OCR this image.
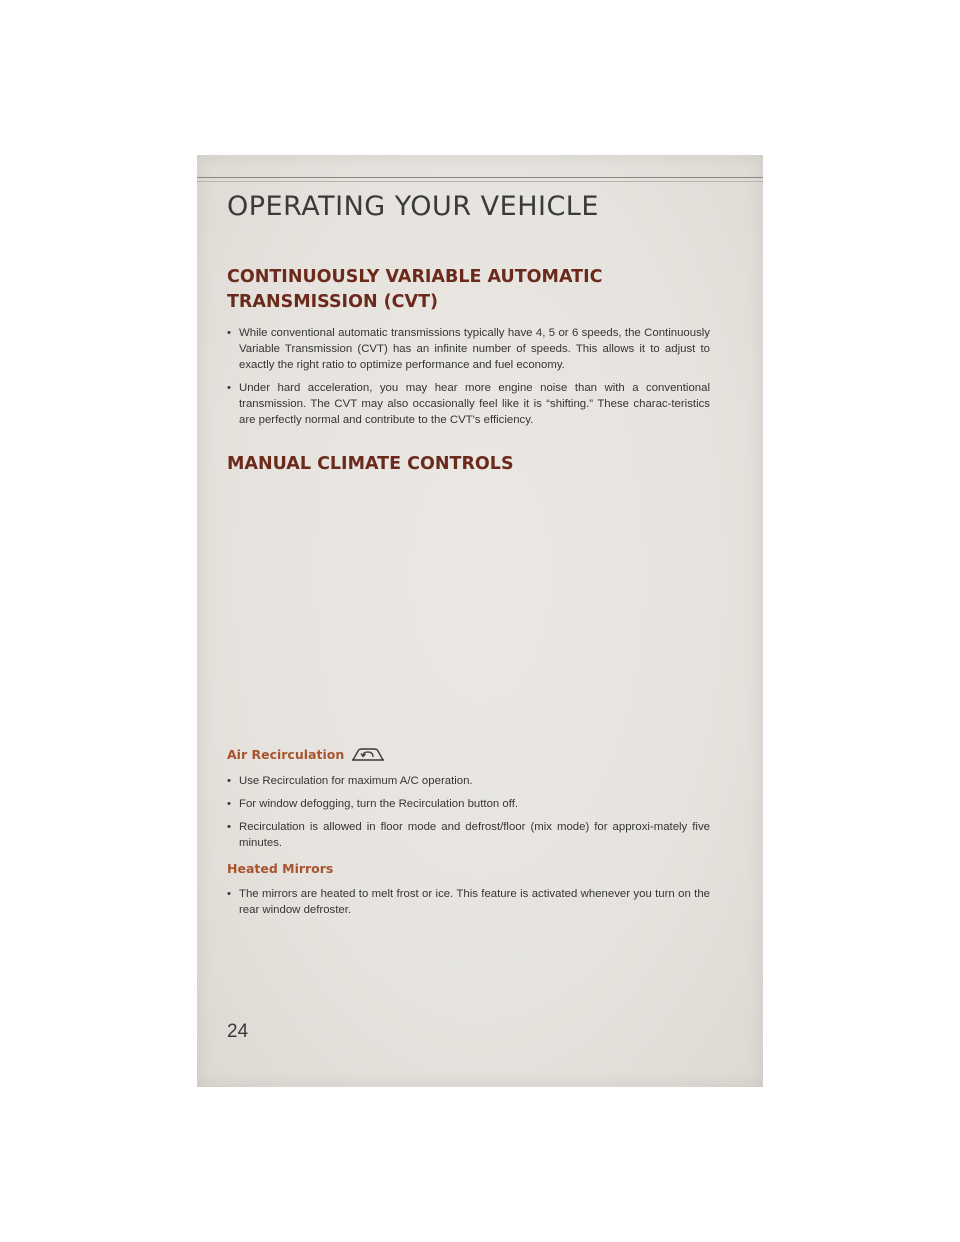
OPERATING YOUR VEHICLE
CONTINUOUSLY VARIABLE AUTOMATIC
TRANSMISSION (CVT)
• While conventional automatic transmissions typically have 4, 5 or 6 speeds, the Continuously Variable Transmission (CVT) has an infinite number of speeds. This allows it to adjust to exactly the right ratio to optimize performance and fuel economy.
• Under hard acceleration, you may hear more engine noise than with a conventional transmission. The CVT may also occasionally feel like it is “shifting.” These charac-teristics are perfectly normal and contribute to the CVT's efficiency.
MANUAL CLIMATE CONTROLS
Air Recirculation
• Use Recirculation for maximum A/C operation.
• For window defogging, turn the Recirculation button off.
• Recirculation is allowed in floor mode and defrost/floor (mix mode) for approxi-mately five minutes.
Heated Mirrors
• The mirrors are heated to melt frost or ice. This feature is activated whenever you turn on the rear window defroster.
24
